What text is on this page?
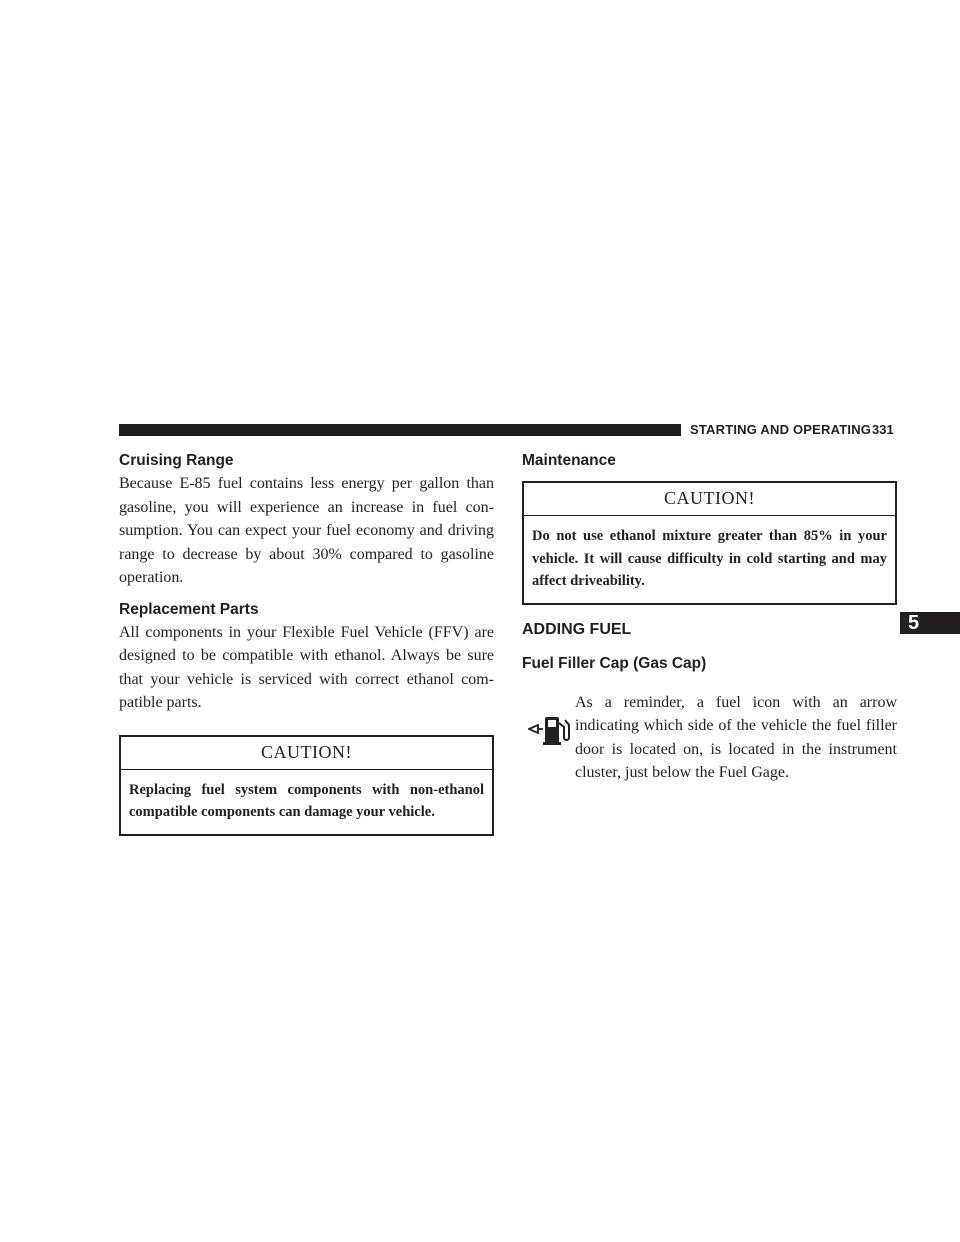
STARTING AND OPERATING 331
5
Cruising Range

Because E-85 fuel contains less energy per gallon than gasoline, you will experience an increase in fuel con-sumption. You can expect your fuel economy and driving range to decrease by about 30% compared to gasoline operation.

Replacement Parts

All components in your Flexible Fuel Vehicle (FFV) are designed to be compatible with ethanol. Always be sure that your vehicle is serviced with correct ethanol com-patible parts.

CAUTION!
Replacing fuel system components with non-ethanol compatible components can damage your vehicle.
Maintenance
CAUTION!
Do not use ethanol mixture greater than 85% in your vehicle. It will cause difficulty in cold starting and may affect driveability.
ADDING FUEL
Fuel Filler Cap (Gas Cap)

As a reminder, a fuel icon with an arrow indicating which side of the vehicle the fuel filler door is located on, is located in the instrument cluster, just below the Fuel Gage.
